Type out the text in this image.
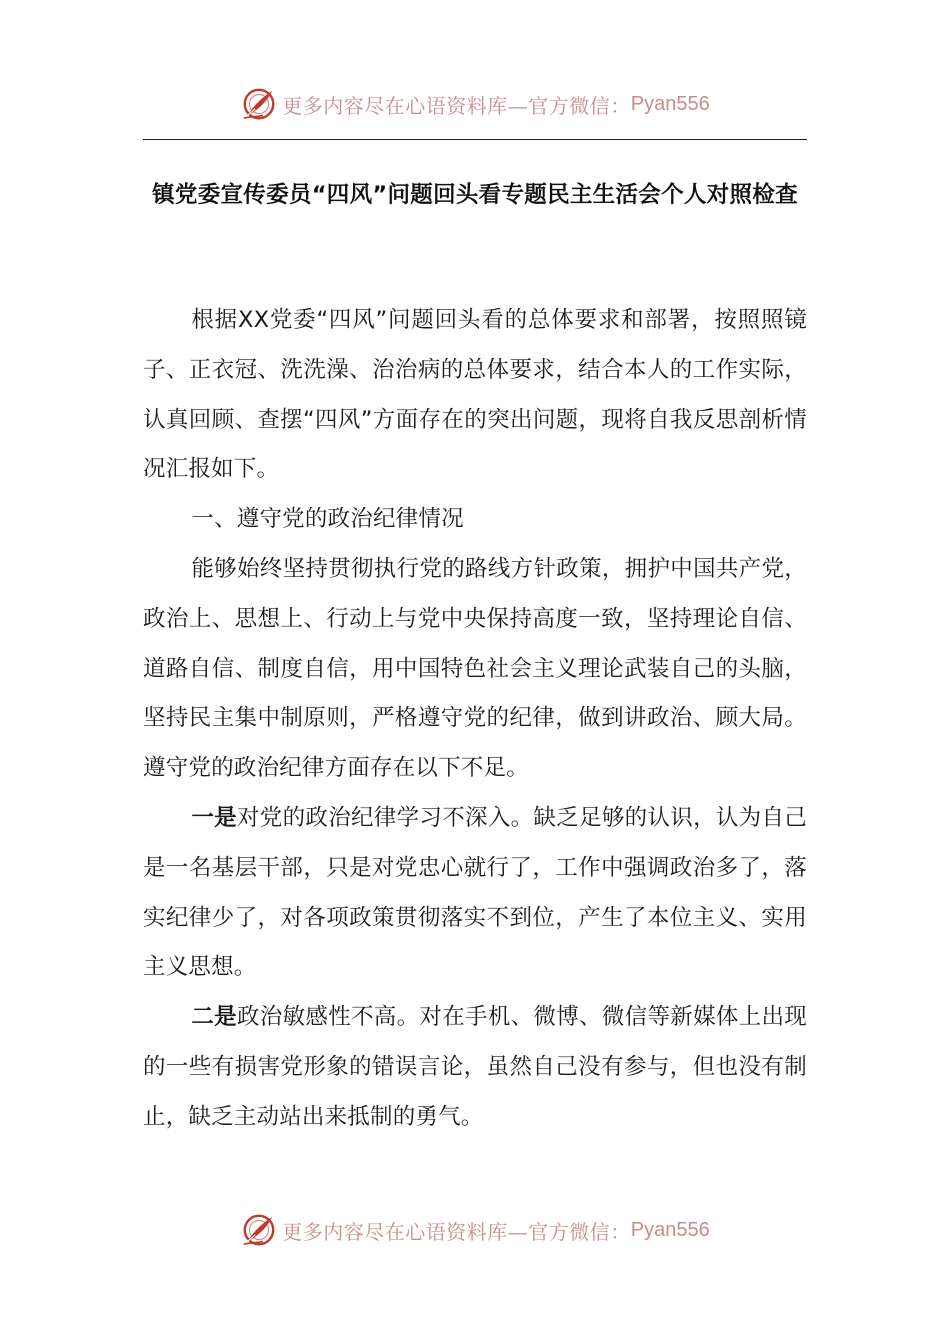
更多内容尽在心语资料库—官方微信： Pyan556
镇党委宣传委员“四风”问题回头看专题民主生活会个人对照检查

根据XX党委“四风”问题回头看的总体要求和部署，按照照镜子、正衣冠、洗洗澡、治治病的总体要求，结合本人的工作实际，认真回顾、查摆“四风”方面存在的突出问题，现将自我反思剖析情况汇报如下。

一、遵守党的政治纪律情况

能够始终坚持贯彻执行党的路线方针政策，拥护中国共产党，政治上、思想上、行动上与党中央保持高度一致，坚持理论自信、道路自信、制度自信，用中国特色社会主义理论武装自己的头脑，坚持民主集中制原则，严格遵守党的纪律，做到讲政治、顾大局。遵守党的政治纪律方面存在以下不足。

一是对党的政治纪律学习不深入。缺乏足够的认识，认为自己是一名基层干部，只是对党忠心就行了，工作中强调政治多了，落实纪律少了，对各项政策贯彻落实不到位，产生了本位主义、实用主义思想。

二是政治敏感性不高。对在手机、微博、微信等新媒体上出现的一些有损害党形象的错误言论，虽然自己没有参与，但也没有制止，缺乏主动站出来抵制的勇气。

更多内容尽在心语资料库—官方微信： Pyan556
